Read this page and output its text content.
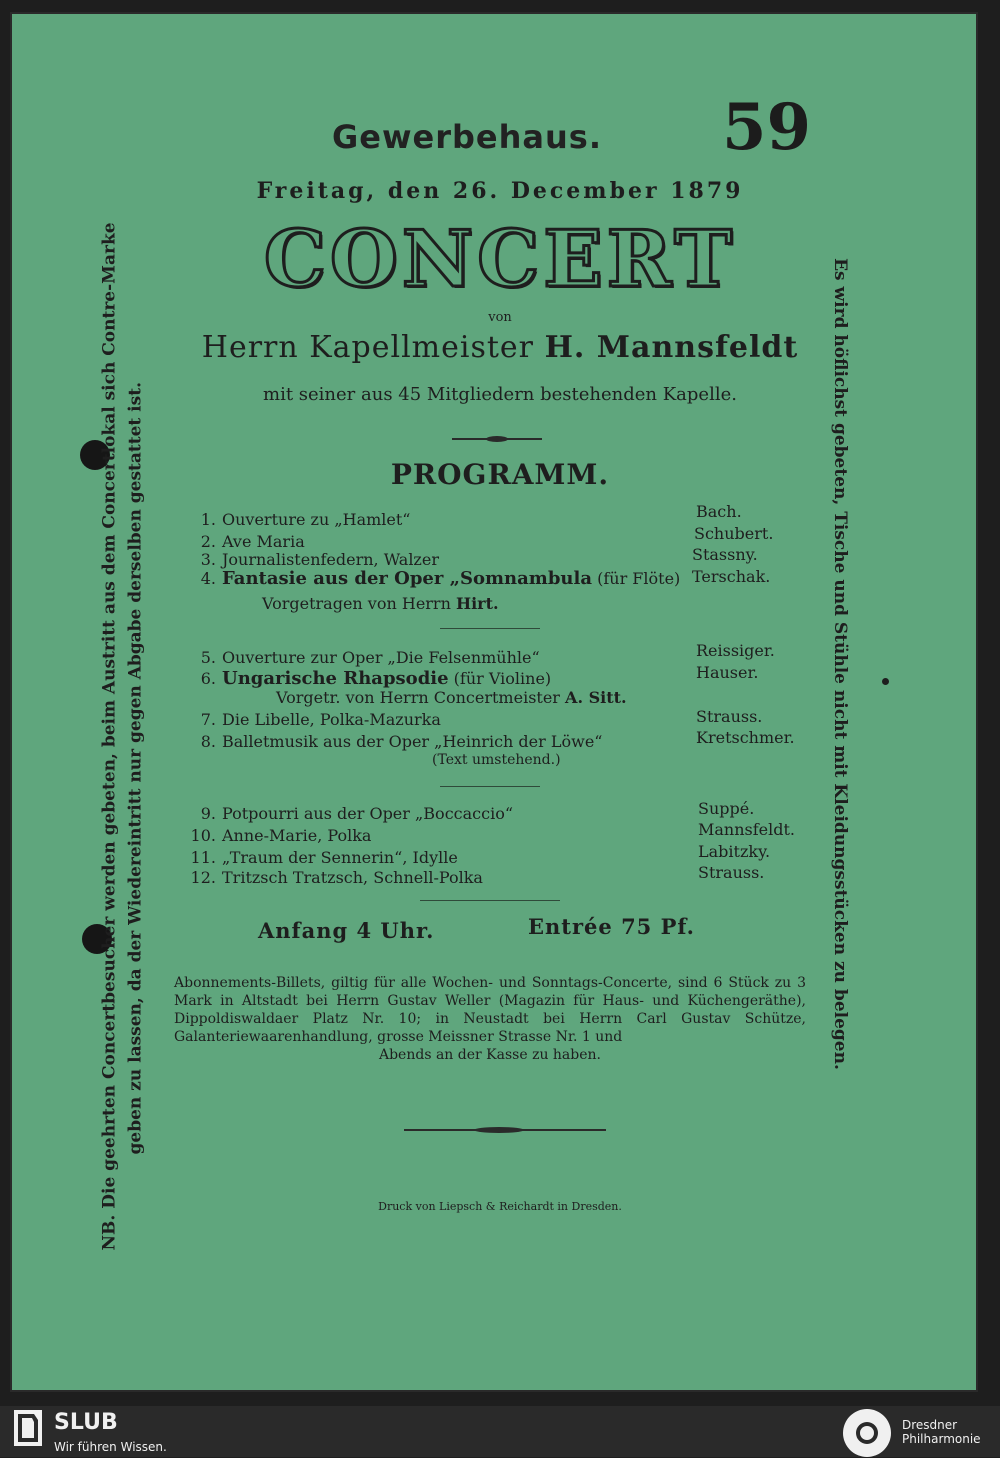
Gewerbehaus. 59
Freitag, den 26. December 1879
CONCERT
von
Herrn Kapellmeister H. Mannsfeldt
mit seiner aus 45 Mitgliedern bestehenden Kapelle.
PROGRAMM.
1. Ouverture zu „Hamlet“	Bach.
2. Ave Maria	Schubert.
3. Journalistenfedern, Walzer	Stassny.
4. Fantasie aus der Oper „Somnambula (für Flöte) Terschak.
Vorgetragen von Herrn Hirt.
5. Ouverture zur Oper „Die Felsenmühle“	Reissiger.
6. Ungarische Rhapsodie (für Violine)	Hauser.
Vorgetr. von Herrn Concertmeister A. Sitt.
7. Die Libelle, Polka-Mazurka	Strauss.
8. Balletmusik aus der Oper „Heinrich der Löwe“	Kretschmer.
(Text umstehend.)
9. Potpourri aus der Oper „Boccaccio“	Suppé.
10. Anne-Marie, Polka	Mannsfeldt.
11. „Traum der Sennerin“, Idylle	Labitzky.
12. Tritzsch Tratzsch, Schnell-Polka	Strauss.
Anfang 4 Uhr.	Entrée 75 Pf.
Abonnements-Billets, giltig für alle Wochen- und Sonntags-Concerte, sind 6 Stück zu 3 Mark in Altstadt bei Herrn Gustav Weller (Magazin für Haus- und Küchengeräthe), Dippoldiswaldaer Platz Nr. 10; in Neustadt bei Herrn Carl Gustav Schütze, Galanteriewaarenhandlung, grosse Meissner Strasse Nr. 1 und
Abends an der Kasse zu haben.
Druck von Liepsch & Reichardt in Dresden.
NB. Die geehrten Concertbesucher werden gebeten, beim Austritt aus dem Concertlokal sich Contre-Marke geben zu lassen, da der Wiedereintritt nur gegen Abgabe derselben gestattet ist.	Es wird höflichst gebeten, Tische und Stühle nicht mit Kleidungsstücken zu belegen.
SLUB
Wir führen Wissen.
Dresdner
Philharmonie
